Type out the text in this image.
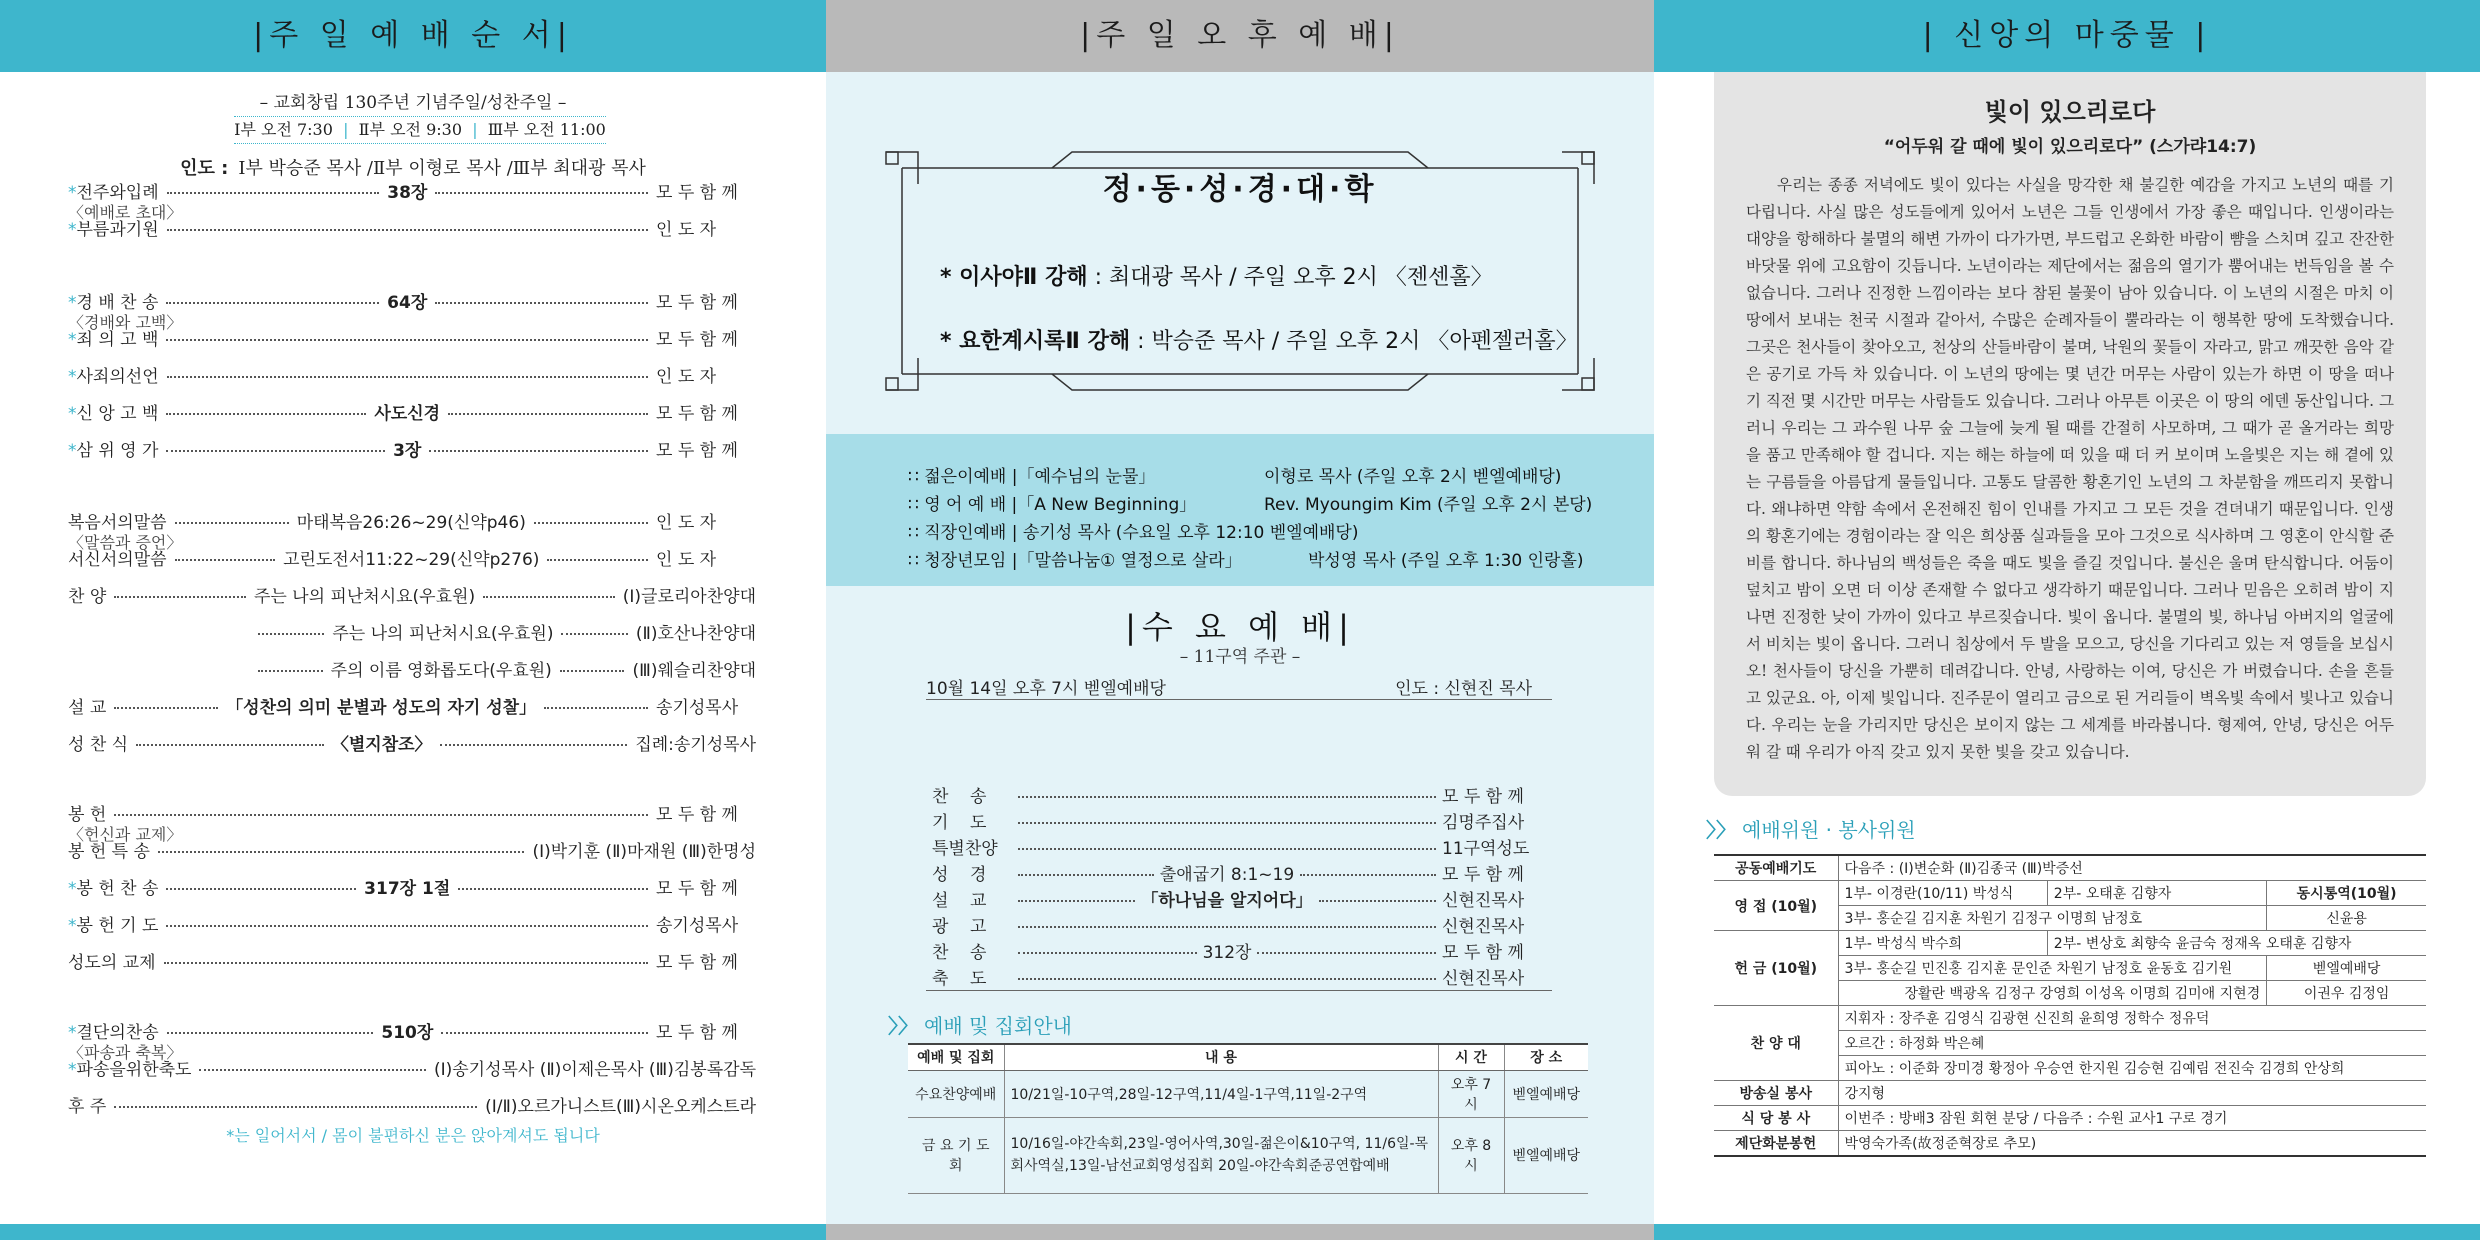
|주 일 예 배 순 서|
– 교회창립 130주년 기념주일/성찬주일 –
Ⅰ부 오전 7:30  |  Ⅱ부 오전 9:30  |  Ⅲ부 오전 11:00
인도 : Ⅰ부 박승준 목사 /Ⅱ부 이형로 목사 /Ⅲ부 최대광 목사
〈예배로 초대〉
〈경배와 고백〉
〈말씀과 증언〉
〈헌신과 교제〉
〈파송과 축복〉
*전주와입례	38장	모 두 함 께
*부름과기원	인 도 자
*경 배 찬 송	64장	모 두 함 께
*죄 의 고 백	모 두 함 께
*사죄의선언	인 도 자
*신 앙 고 백	사도신경	모 두 함 께
*삼 위 영 가	3장	모 두 함 께
복음서의말씀	마태복음26:26~29(신약p46)	인 도 자
서신서의말씀	고린도전서11:22~29(신약p276)	인 도 자
찬 양	주는 나의 피난처시요(우효원)	(Ⅰ)글로리아찬양대
주는 나의 피난처시요(우효원)	(Ⅱ)호산나찬양대
주의 이름 영화롭도다(우효원)	(Ⅲ)웨슬리찬양대
설 교	「성찬의 의미 분별과 성도의 자기 성찰」	송기성목사
성 찬 식	〈별지참조〉	집례:송기성목사
봉 헌	모 두 함 께
봉 헌 특 송	(Ⅰ)박기훈 (Ⅱ)마재원 (Ⅲ)한명성
*봉 헌 찬 송	317장 1절	모 두 함 께
*봉 헌 기 도	송기성목사
성도의 교제	모 두 함 께
*결단의찬송	510장	모 두 함 께
*파송을위한축도	(Ⅰ)송기성목사 (Ⅱ)이제은목사 (Ⅲ)김봉록감독
후 주	(Ⅰ/Ⅱ)오르가니스트(Ⅲ)시온오케스트라
*는 일어서서 / 몸이 불편하신 분은 앉아계셔도 됩니다
|주 일 오 후 예 배|
정·동·성·경·대·학
* 이사야Ⅱ 강해 : 최대광 목사 / 주일 오후 2시 〈젠센홀〉
* 요한계시록Ⅱ 강해 : 박승준 목사 / 주일 오후 2시 〈아펜젤러홀〉
∷ 젊은이예배 |「예수님의 눈물」	이형로 목사 (주일 오후 2시 벧엘예배당)
∷ 영 어 예 배 |「A New Beginning」	Rev. Myoungim Kim (주일 오후 2시 본당)
∷ 직장인예배 | 송기성 목사 (수요일 오후 12:10 벧엘예배당)
∷ 청장년모임 |「말씀나눔① 열정으로 살라」	박성영 목사 (주일 오후 1:30 인랑홀)
|수 요 예 배|
– 11구역 주관 –
10월 14일 오후 7시 벧엘예배당	인도 : 신현진 목사
찬    송	모 두 함 께
기    도	김명주집사
특별찬양	11구역성도
성    경	출애굽기 8:1~19	모 두 함 께
설    교	「하나님을 알지어다」	신현진목사
광    고	신현진목사
찬    송	312장	모 두 함 께
축    도	신현진목사
〉〉 예배 및 집회안내
예배 및 집회	내 용	시 간	장 소
수요찬양예배	10/21일-10구역,28일-12구역,11/4일-1구역,11일-2구역	오후 7시	벧엘예배당
금 요 기 도 회	10/16일-야간속회,23일-영어사역,30일-젊은이&10구역, 11/6일-목회사역실,13일-남선교회영성집회 20일-야간속회준공연합예배	오후 8시	벧엘예배당
| 신앙의 마중물 |
빛이 있으리로다
“어두워 갈 때에 빛이 있으리로다” (스가랴14:7)
우리는 종종 저녁에도 빛이 있다는 사실을 망각한 채 불길한 예감을 가지고 노년의 때를 기다립니다. 사실 많은 성도들에게 있어서 노년은 그들 인생에서 가장 좋은 때입니다. 인생이라는 대양을 항해하다 불멸의 해변 가까이 다가가면, 부드럽고 온화한 바람이 뺨을 스치며 깊고 잔잔한 바닷물 위에 고요함이 깃듭니다. 노년이라는 제단에서는 젊음의 열기가 뿜어내는 번득임을 볼 수 없습니다. 그러나 진정한 느낌이라는 보다 참된 불꽃이 남아 있습니다. 이 노년의 시절은 마치 이 땅에서 보내는 천국 시절과 같아서, 수많은 순례자들이 뿔라라는 이 행복한 땅에 도착했습니다. 그곳은 천사들이 찾아오고, 천상의 산들바람이 불며, 낙원의 꽃들이 자라고, 맑고 깨끗한 음악 같은 공기로 가득 차 있습니다. 이 노년의 땅에는 몇 년간 머무는 사람이 있는가 하면 이 땅을 떠나기 직전 몇 시간만 머무는 사람들도 있습니다. 그러나 아무튼 이곳은 이 땅의 에덴 동산입니다. 그러니 우리는 그 과수원 나무 숲 그늘에 늦게 될 때를 간절히 사모하며, 그 때가 곧 올거라는 희망을 품고 만족해야 할 겁니다. 지는 해는 하늘에 떠 있을 때 더 커 보이며 노을빛은 지는 해 곁에 있는 구름들을 아름답게 물들입니다. 고통도 달콤한 황혼기인 노년의 그 차분함을 깨뜨리지 못합니다. 왜냐하면 약함 속에서 온전해진 힘이 인내를 가지고 그 모든 것을 견뎌내기 때문입니다. 인생의 황혼기에는 경험이라는 잘 익은 희상품 실과들을 모아 그것으로 식사하며 그 영혼이 안식할 준비를 합니다. 하나님의 백성들은 죽을 때도 빛을 즐길 것입니다. 불신은 울며 탄식합니다. 어둠이 덮치고 밤이 오면 더 이상 존재할 수 없다고 생각하기 때문입니다. 그러나 믿음은 오히려 밤이 지나면 진정한 낮이 가까이 있다고 부르짖습니다. 빛이 옵니다. 불멸의 빛, 하나님 아버지의 얼굴에서 비치는 빛이 옵니다. 그러니 침상에서 두 발을 모으고, 당신을 기다리고 있는 저 영들을 보십시오! 천사들이 당신을 가뿐히 데려갑니다. 안녕, 사랑하는 이여, 당신은 가 버렸습니다. 손을 흔들고 있군요. 아, 이제 빛입니다. 진주문이 열리고 금으로 된 거리들이 벽옥빛 속에서 빛나고 있습니다. 우리는 눈을 가리지만 당신은 보이지 않는 그 세계를 바라봅니다. 형제여, 안녕, 당신은 어두워 갈 때 우리가 아직 갖고 있지 못한 빛을 갖고 있습니다.
〉〉 예배위원 · 봉사위원
공동예배기도	다음주 : (Ⅰ)변순화 (Ⅱ)김종국 (Ⅲ)박증선		
영 접 (10월)	1부- 이경란(10/11) 박성식	2부- 오태훈 김향자	동시통역(10월)
	3부- 홍순길 김지훈 차원기 김정구 이명희 남정호		신윤용
헌 금 (10월)	1부- 박성식 박수희	2부- 변상호 최향숙 윤금숙 정재옥 오태훈 김향자	
	3부- 홍순길 민진홍 김지훈 문인준 차원기 남정호 윤동호 김기원		벧엘예배당
	장활란 백광옥 김정구 강영희 이성옥 이명희 김미애 지현경		이권우 김정임
찬 양 대	지휘자 : 장주훈 김영식 김광현 신진희 윤희영 정학수 정유덕		
	오르간 : 하정화 박은혜		
	피아노 : 이준화 장미경 황정아 우승연 한지원 김승현 김예림 전진숙 김경희 안상희		
방송실 봉사	강지형		
식 당 봉 사	이번주 : 방배3 잠원 회현 분당 / 다음주 : 수원 교사1 구로 경기		
제단화분봉헌	박영숙가족(故정준혁장로 추모)		
